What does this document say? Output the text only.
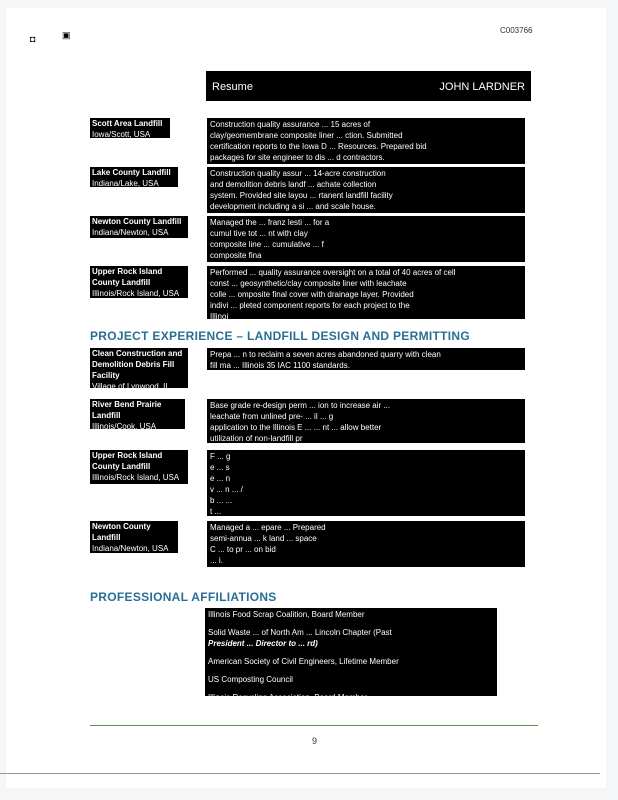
◘	▣	C003766
Resume	JOHN LARDNER
Scott Area Landfill
Iowa/Scott, USA
Construction quality assurance ... 15 acres of
clay/geomembrane composite liner ... ction. Submitted
certification reports to the Iowa D ... Resources. Prepared bid
packages for site engineer to dis ... d contractors.
Lake County Landfill
Indiana/Lake, USA
Construction quality assur ... 14-acre construction
and demolition debris landf ... achate collection
system. Provided site layou ... rtanent landfill facility
development including a si ... and scale house.
Newton County Landfill
Indiana/Newton, USA
Managed the ... franz lesti ... for a
cumul tive tot ... nt with clay
composite line ... cumulative ... f
composite fina
Upper Rock Island County Landfill
Illinois/Rock Island, USA
Performed ... quality assurance oversight on a total of 40 acres of cell
const ... geosynthetic/clay composite liner with leachate
colle ... omposite final cover with drainage layer. Provided
indivi ... pleted component reports for each project to the
Illinoi
PROJECT EXPERIENCE – LANDFILL DESIGN AND PERMITTING
Clean Construction and Demolition Debris Fill Facility
Village of Lynwood, IL
Prepa ... n to reclaim a seven acres abandoned quarry with clean
fill ma ... Illinois 35 IAC 1100 standards.
River Bend Prairie Landfill
Illinois/Cook, USA
Base grade re-design perm ... ion to increase air ...
leachate from unlined pre- ... il ... g
application to the Illinois E ... ... nt ... allow better
utilization of non-landfill pr
Upper Rock Island County Landfill
Illinois/Rock Island, USA
F ... g
e ... s
e ... n
v ... n ... /
b ... ...
t ...
Newton County Landfill
Indiana/Newton, USA
Managed a ... epare ... Prepared
semi-annua ... k land ... space
C ... to pr ... on bid
... i.
PROFESSIONAL AFFILIATIONS
Illinois Food Scrap Coalition, Board Member
Solid Waste ... of North Am ... Lincoln Chapter (Past
President ... Director to ... rd)
American Society of Civil Engineers, Lifetime Member
US Composting Council
Illinois Recycling Association, Board Member
9
